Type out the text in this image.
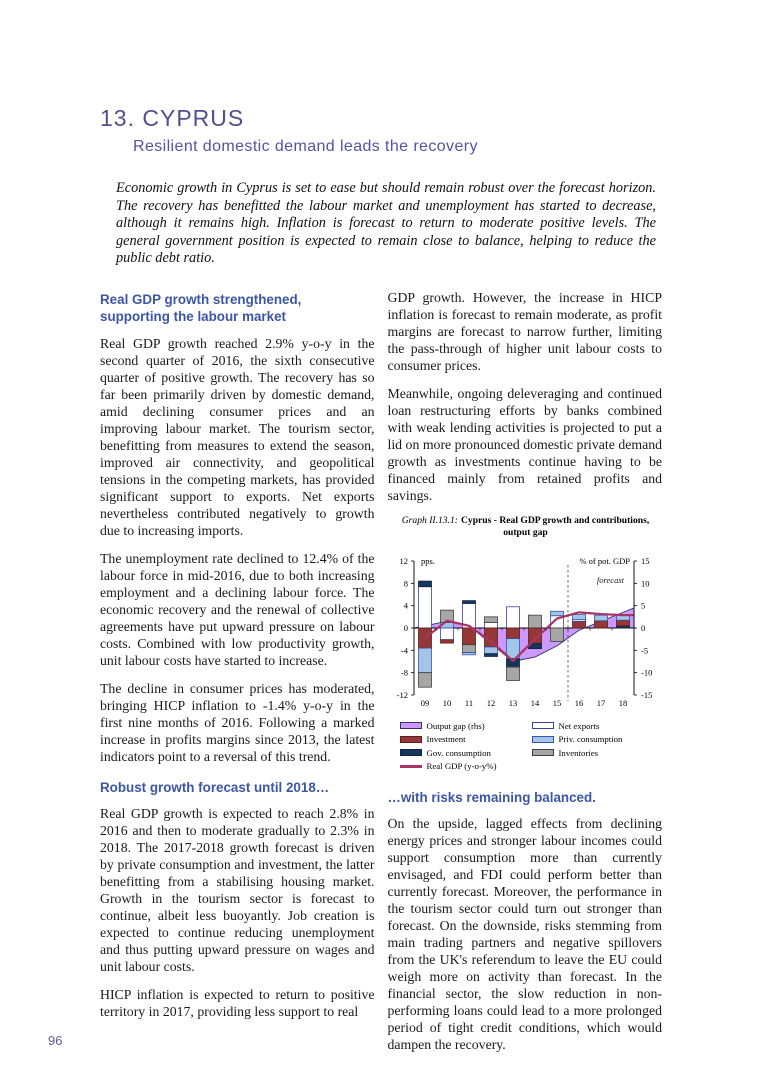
13. CYPRUS
Resilient domestic demand leads the recovery

Economic growth in Cyprus is set to ease but should remain robust over the forecast horizon. The recovery has benefitted the labour market and unemployment has started to decrease, although it remains high. Inflation is forecast to return to moderate positive levels. The general government position is expected to remain close to balance, helping to reduce the public debt ratio.

Real GDP growth strengthened, supporting the labour market

Real GDP growth reached 2.9% y-o-y in the second quarter of 2016, the sixth consecutive quarter of positive growth. The recovery has so far been primarily driven by domestic demand, amid declining consumer prices and an improving labour market. The tourism sector, benefitting from measures to extend the season, improved air connectivity, and geopolitical tensions in the competing markets, has provided significant support to exports. Net exports nevertheless contributed negatively to growth due to increasing imports.

The unemployment rate declined to 12.4% of the labour force in mid-2016, due to both increasing employment and a declining labour force. The economic recovery and the renewal of collective agreements have put upward pressure on labour costs. Combined with low productivity growth, unit labour costs have started to increase.

The decline in consumer prices has moderated, bringing HICP inflation to -1.4% y-o-y in the first nine months of 2016. Following a marked increase in profits margins since 2013, the latest indicators point to a reversal of this trend.

Robust growth forecast until 2018…

Real GDP growth is expected to reach 2.8% in 2016 and then to moderate gradually to 2.3% in 2018. The 2017-2018 growth forecast is driven by private consumption and investment, the latter benefitting from a stabilising housing market. Growth in the tourism sector is forecast to continue, albeit less buoyantly. Job creation is expected to continue reducing unemployment and thus putting upward pressure on wages and unit labour costs.

HICP inflation is expected to return to positive territory in 2017, providing less support to real

GDP growth. However, the increase in HICP inflation is forecast to remain moderate, as profit margins are forecast to narrow further, limiting the pass-through of higher unit labour costs to consumer prices.

Meanwhile, ongoing deleveraging and continued loan restructuring efforts by banks combined with weak lending activities is projected to put a lid on more pronounced domestic private demand growth as investments continue having to be financed mainly from retained profits and savings.

Graph II.13.1: Cyprus - Real GDP growth and contributions, output gap
12
8
4
0
-4
-8
-12
15
10
5
0
-5
-10
-15
09 10 11 12 13 14 15 16 17 18
pps.	% of pot. GDP
forecast
Output gap (rhs)
Investment
Gov. consumption
Real GDP (y-o-y%)
Net exports
Priv. consumption
Inventories
…with risks remaining balanced.

On the upside, lagged effects from declining energy prices and stronger labour incomes could support consumption more than currently envisaged, and FDI could perform better than currently forecast. Moreover, the performance in the tourism sector could turn out stronger than forecast. On the downside, risks stemming from main trading partners and negative spillovers from the UK's referendum to leave the EU could weigh more on activity than forecast. In the financial sector, the slow reduction in non-performing loans could lead to a more prolonged period of tight credit conditions, which would dampen the recovery.

96
